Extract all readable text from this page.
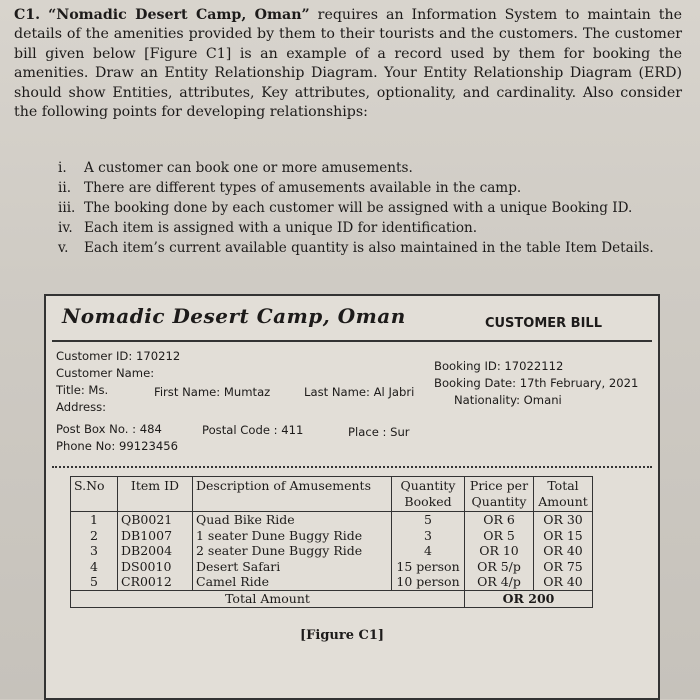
C1. “Nomadic Desert Camp, Oman” requires an Information System to maintain the details of the amenities provided by them to their tourists and the customers. The customer bill given below [Figure C1] is an example of a record used by them for booking the amenities. Draw an Entity Relationship Diagram. Your Entity Relationship Diagram (ERD) should show Entities, attributes, Key attributes, optionality, and cardinality. Also consider the following points for developing relationships:
i.	A customer can book one or more amusements.
ii. There are different types of amusements available in the camp.
iii. The booking done by each customer will be assigned with a unique Booking ID.
iv. Each item is assigned with a unique ID for identification.
v.	Each item’s current available quantity is also maintained in the table Item Details.
Nomadic Desert Camp, Oman	CUSTOMER BILL
Customer ID: 170212
Customer Name:
Title: Ms.	First Name: Mumtaz	Last Name: Al Jabri
Address:
Post Box No. : 484	Postal Code : 411	Place : Sur
Phone No: 99123456
Booking ID: 17022112
Booking Date: 17th February, 2021
Nationality: Omani
S.No	Item ID	Description of Amusements	Quantity Booked	Price per Quantity	Total Amount
1	QB0021	Quad Bike Ride	5	OR 6	OR 30
2	DB1007	1 seater Dune Buggy Ride	3	OR 5	OR 15
3	DB2004	2 seater Dune Buggy Ride	4	OR 10	OR 40
4	DS0010	Desert Safari	15 person	OR 5/p	OR 75
5	CR0012	Camel Ride	10 person	OR 4/p	OR 40
Total Amount				OR 200	
[Figure C1]
